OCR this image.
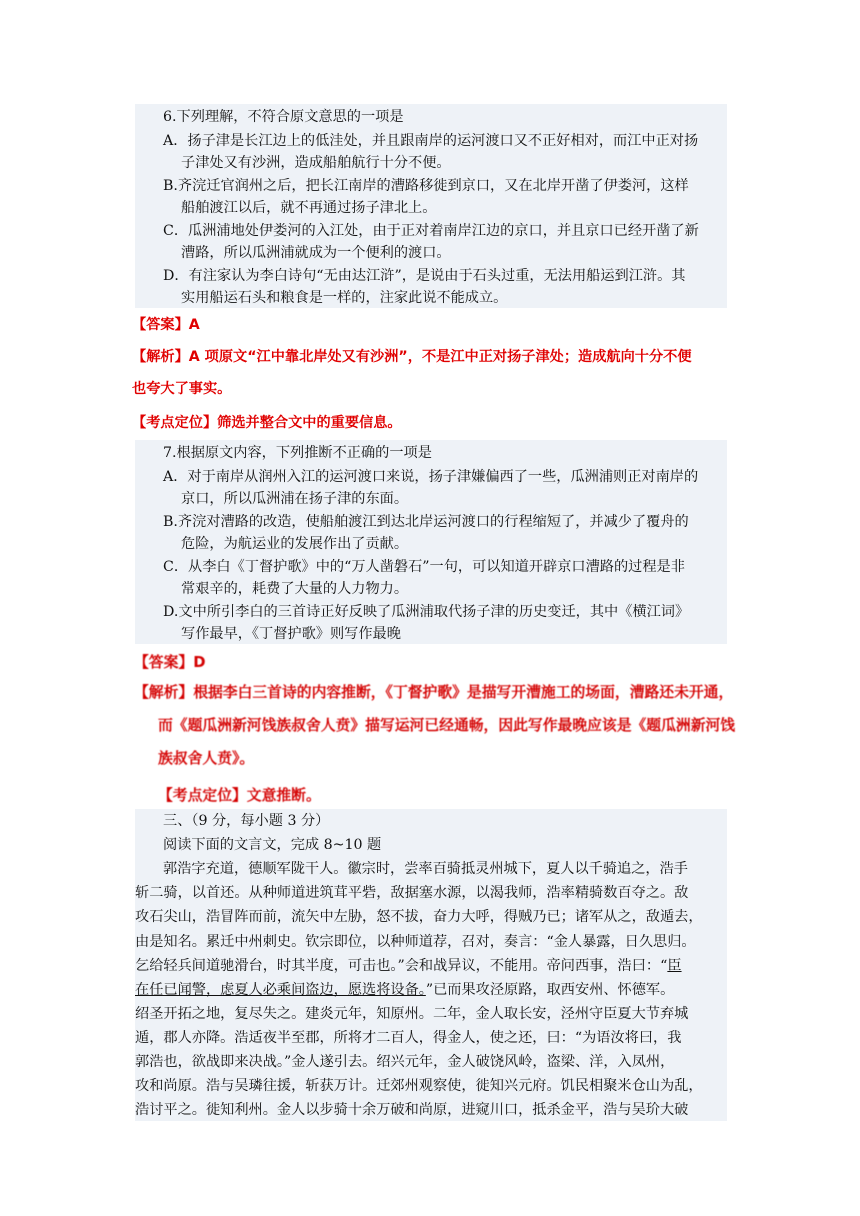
6.下列理解，不符合原文意思的一项是
A．扬子津是长江边上的低洼处，并且跟南岸的运河渡口又不正好相对，而江中正对扬
子津处又有沙洲，造成船舶航行十分不便。
B.齐浣迁官润州之后，把长江南岸的漕路移徙到京口，又在北岸开凿了伊娄河，这样
船舶渡江以后，就不再通过扬子津北上。
C．瓜洲浦地处伊娄河的入江处，由于正对着南岸江边的京口，并且京口已经开凿了新
漕路，所以瓜洲浦就成为一个便利的渡口。
D．有注家认为李白诗句“无由达江浒”，是说由于石头过重，无法用船运到江浒。其
实用船运石头和粮食是一样的，注家此说不能成立。
【答案】A
【解析】A 项原文“江中靠北岸处又有沙洲”，不是江中正对扬子津处；造成航向十分不便
也夸大了事实。
【考点定位】筛选并整合文中的重要信息。
7.根据原文内容，下列推断不正确的一项是
A．对于南岸从润州入江的运河渡口来说，扬子津嫌偏西了一些，瓜洲浦则正对南岸的
京口，所以瓜洲浦在扬子津的东面。
B.齐浣对漕路的改造，使船舶渡江到达北岸运河渡口的行程缩短了，并减少了覆舟的
危险，为航运业的发展作出了贡献。
C．从李白《丁督护歌》中的“万人凿磐石”一句，可以知道开辟京口漕路的过程是非
常艰辛的，耗费了大量的人力物力。
D.文中所引李白的三首诗正好反映了瓜洲浦取代扬子津的历史变迁，其中《横江词》
写作最早，《丁督护歌》则写作最晚
【答案】D
【解析】根据李白三首诗的内容推断，《丁督护歌》是描写开漕施工的场面，漕路还未开通，
而《题瓜洲新河饯族叔舍人贲》描写运河已经通畅，因此写作最晚应该是《题瓜洲新河饯
族叔舍人贲》。
【考点定位】文意推断。
三、（9 分，每小题 3 分）
阅读下面的文言文，完成 8~10 题
郭浩字充道，德顺军陇干人。徽宗时，尝率百骑抵灵州城下，夏人以千骑追之，浩手
斩二骑，以首还。从种师道进筑茸平砦，敌据塞水源，以渴我师，浩率精骑数百夺之。敌
攻石尖山，浩冒阵而前，流矢中左胁，怒不拔，奋力大呼，得贼乃已；诸军从之，敌遁去，
由是知名。累迁中州刺史。钦宗即位，以种师道荐，召对，奏言：“金人暴露，日久思归。
乞给轻兵间道驰滑台，时其半度，可击也。”会和战异议，不能用。帝问西事，浩曰：“臣
在任已闻警，虑夏人必乘间盗边，愿选将设备。”已而果攻泾原路，取西安州、怀德军。
绍圣开拓之地，复尽失之。建炎元年，知原州。二年，金人取长安，泾州守臣夏大节弃城
遁，郡人亦降。浩适夜半至郡，所将才二百人，得金人，使之还，曰：“为语汝将曰，我
郭浩也，欲战即来决战。”金人遂引去。绍兴元年，金人破饶风岭，盗梁、洋，入凤州，
攻和尚原。浩与吴璘往援，斩获万计。迁郊州观察使，徙知兴元府。饥民相聚米仓山为乱，
浩讨平之。徙知利州。金人以步骑十余万破和尚原，进窥川口，抵杀金平，浩与吴玠大破
